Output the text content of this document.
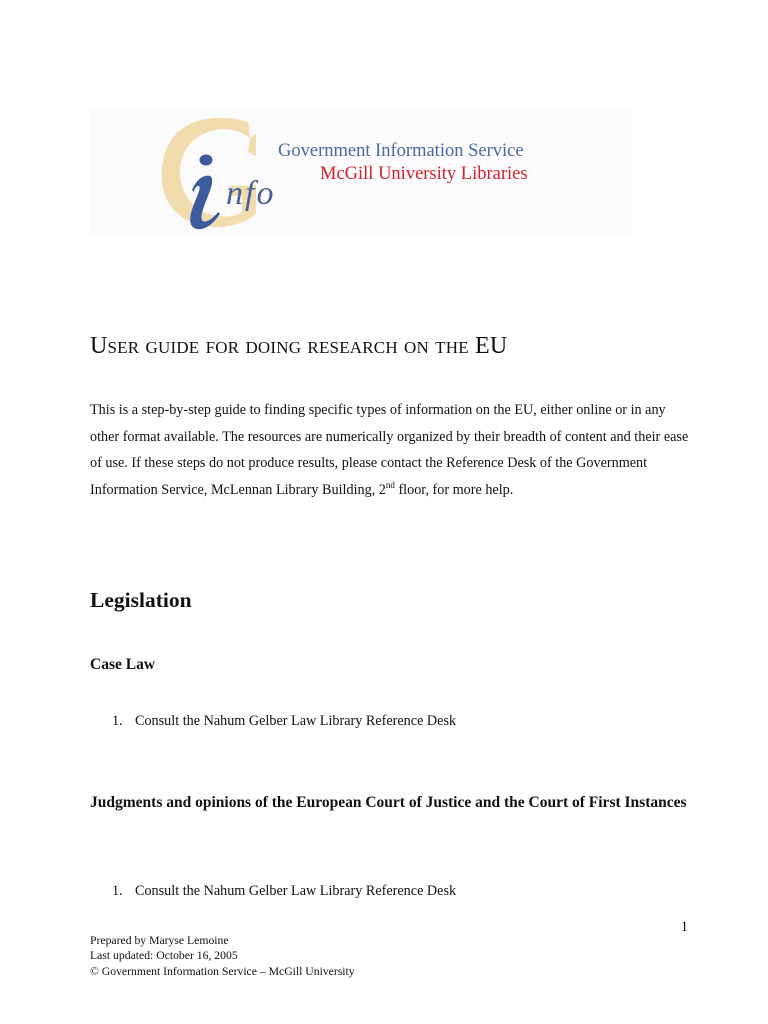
nfo
Government Information Service
McGill University Libraries
User guide for doing research on the EU

This is a step-by-step guide to finding specific types of information on the EU, either online or in any other format available. The resources are numerically organized by their breadth of content and their ease of use. If these steps do not produce results, please contact the Reference Desk of the Government Information Service, McLennan Library Building, 2nd floor, for more help.

Legislation
Case Law
1. Consult the Nahum Gelber Law Library Reference Desk
Judgments and opinions of the European Court of Justice and the Court of First Instances
1. Consult the Nahum Gelber Law Library Reference Desk
1
Prepared by Maryse Lemoine
Last updated: October 16, 2005
© Government Information Service – McGill University
